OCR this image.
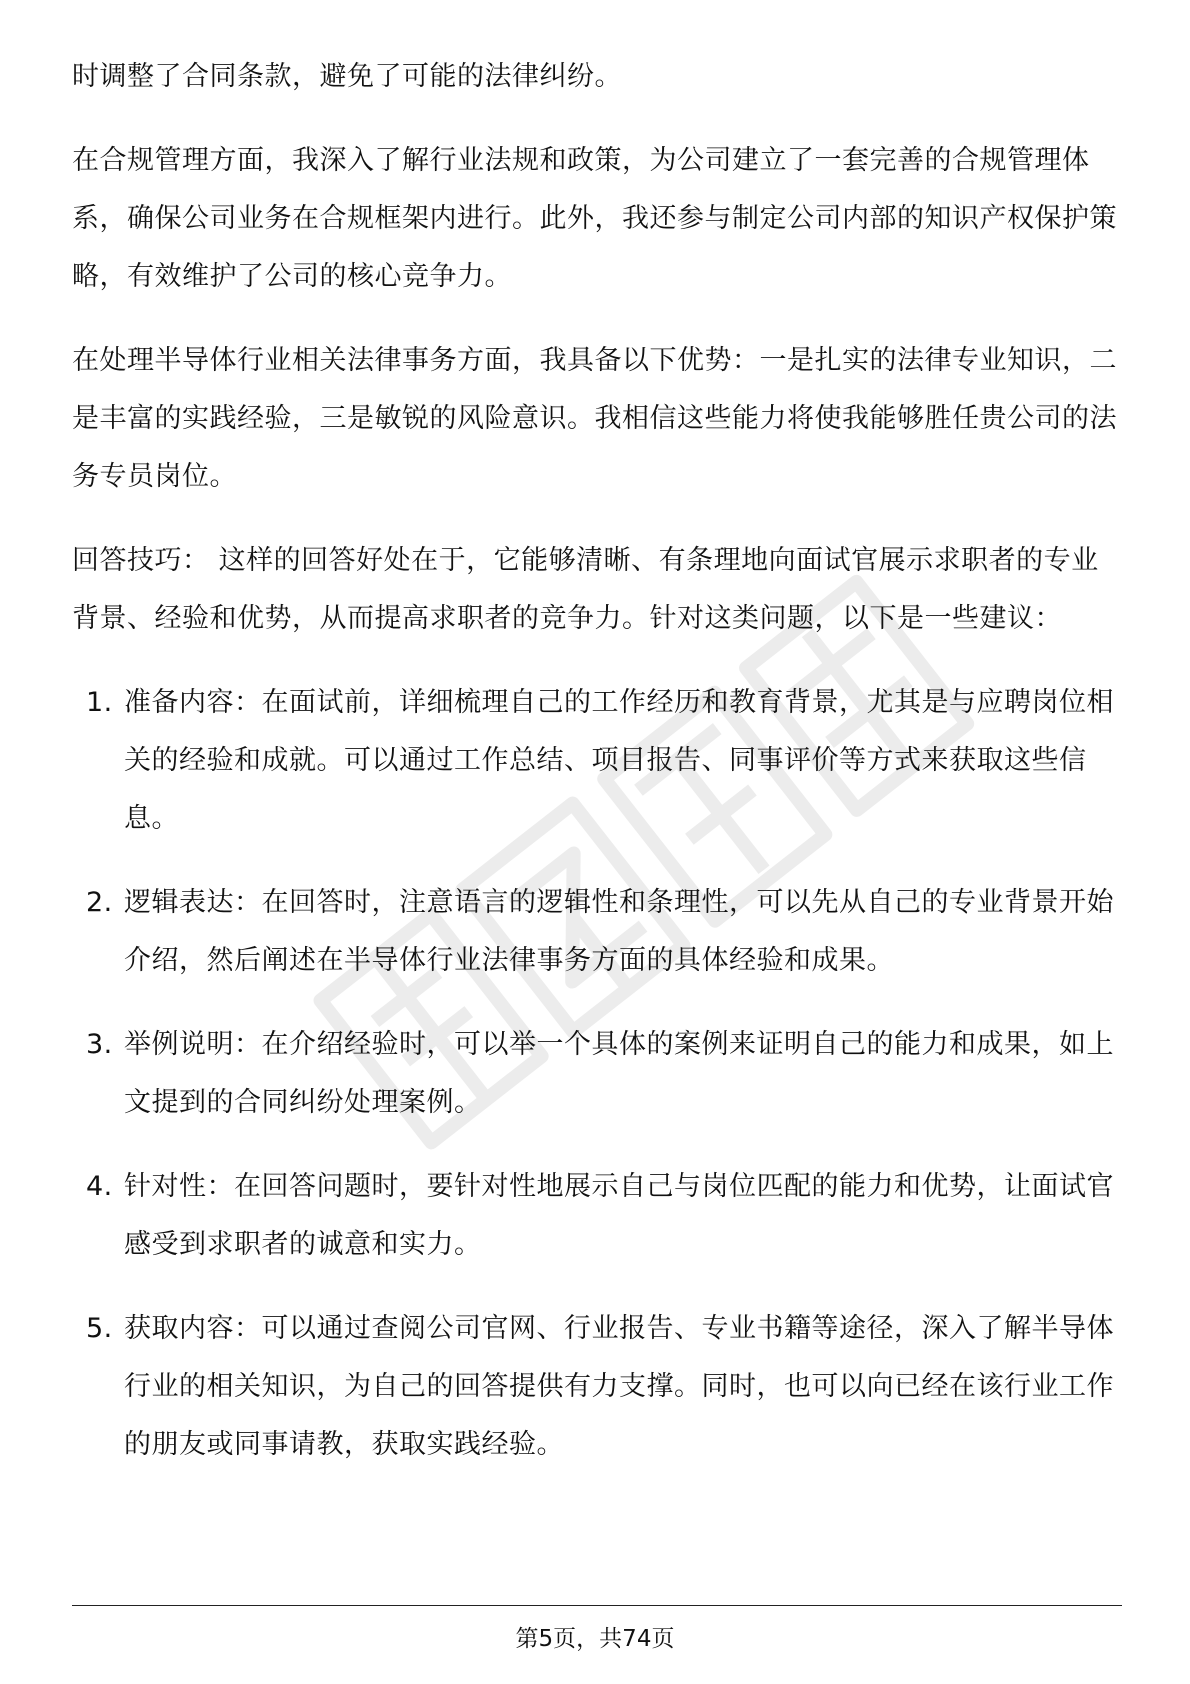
时调整了合同条款，避免了可能的法律纠纷。

在合规管理方面，我深入了解行业法规和政策，为公司建立了一套完善的合规管理体系，确保公司业务在合规框架内进行。此外，我还参与制定公司内部的知识产权保护策略，有效维护了公司的核心竞争力。

在处理半导体行业相关法律事务方面，我具备以下优势：一是扎实的法律专业知识，二是丰富的实践经验，三是敏锐的风险意识。我相信这些能力将使我能够胜任贵公司的法务专员岗位。

回答技巧： 这样的回答好处在于，它能够清晰、有条理地向面试官展示求职者的专业背景、经验和优势，从而提高求职者的竞争力。针对这类问题，以下是一些建议：

1. 准备内容：在面试前，详细梳理自己的工作经历和教育背景，尤其是与应聘岗位相关的经验和成就。可以通过工作总结、项目报告、同事评价等方式来获取这些信息。
2. 逻辑表达：在回答时，注意语言的逻辑性和条理性，可以先从自己的专业背景开始介绍，然后阐述在半导体行业法律事务方面的具体经验和成果。
3. 举例说明：在介绍经验时，可以举一个具体的案例来证明自己的能力和成果，如上文提到的合同纠纷处理案例。
4. 针对性：在回答问题时，要针对性地展示自己与岗位匹配的能力和优势，让面试官感受到求职者的诚意和实力。
5. 获取内容：可以通过查阅公司官网、行业报告、专业书籍等途径，深入了解半导体行业的相关知识，为自己的回答提供有力支撑。同时，也可以向已经在该行业工作的朋友或同事请教，获取实践经验。
第5页，共74页
